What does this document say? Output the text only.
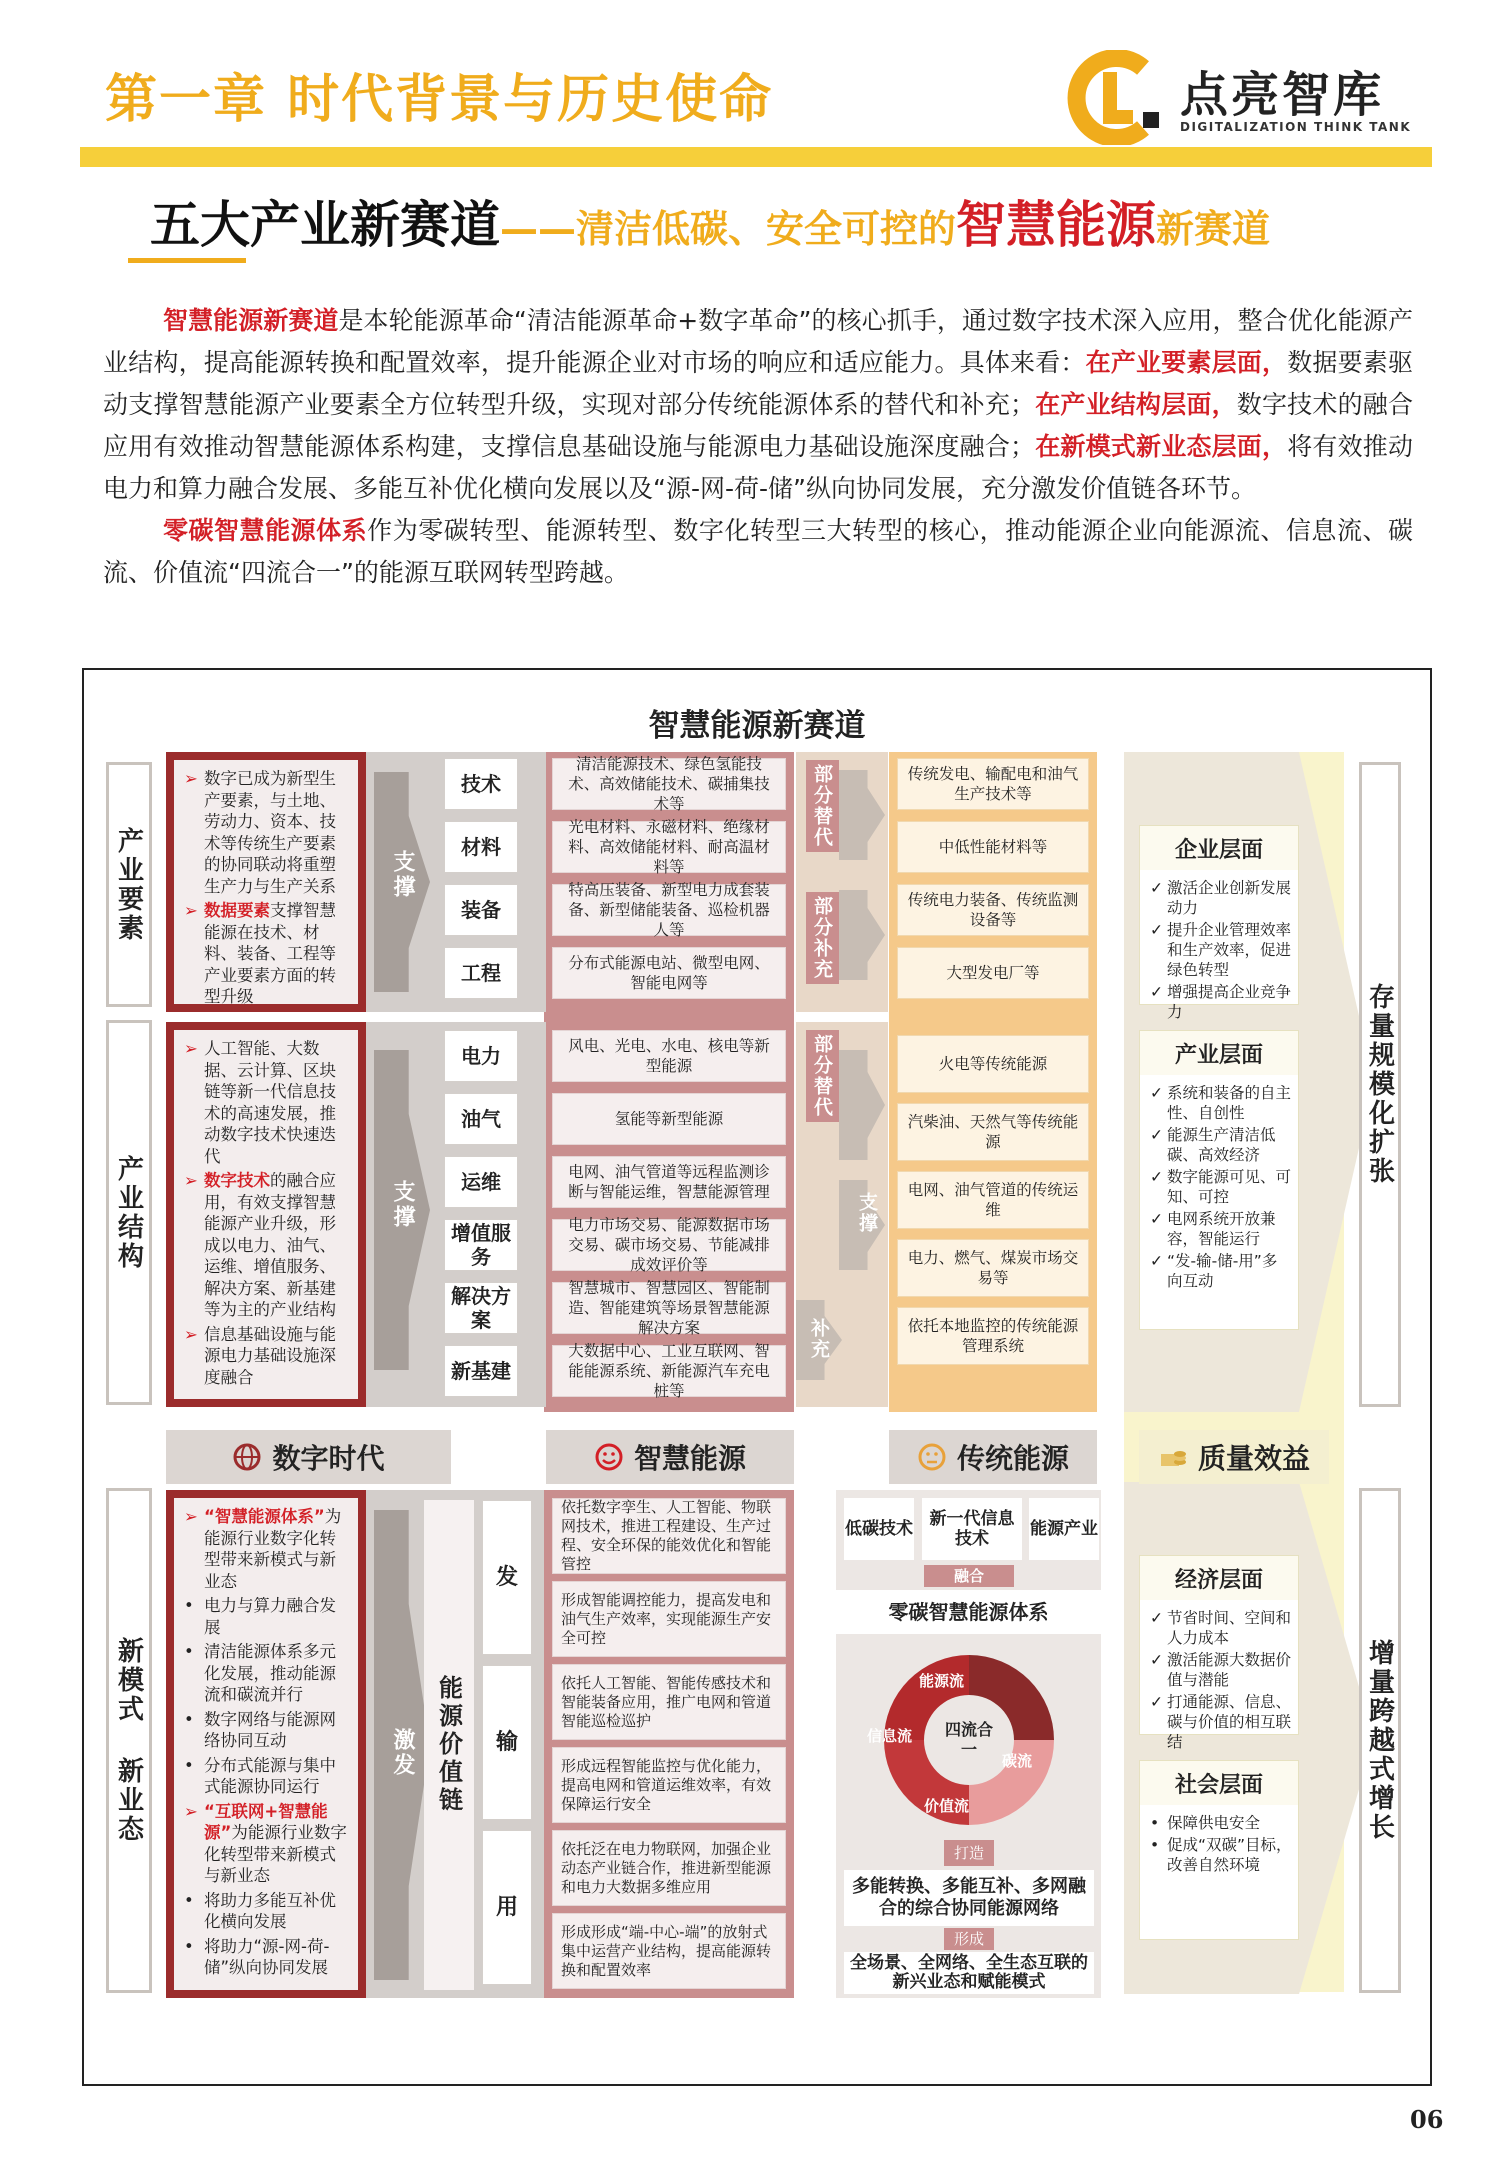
第一章 时代背景与历史使命	点亮智库
DIGITALIZATION THINK TANK
五大产业新赛道——清洁低碳、安全可控的智慧能源新赛道

智慧能源新赛道是本轮能源革命“清洁能源革命+数字革命”的核心抓手，通过数字技术深入应用，整合优化能源产业结构，提高能源转换和配置效率，提升能源企业对市场的响应和适应能力。具体来看：在产业要素层面，数据要素驱动支撑智慧能源产业要素全方位转型升级，实现对部分传统能源体系的替代和补充；在产业结构层面，数字技术的融合应用有效推动智慧能源体系构建，支撑信息基础设施与能源电力基础设施深度融合；在新模式新业态层面，将有效推动电力和算力融合发展、多能互补优化横向发展以及“源-网-荷-储”纵向协同发展，充分激发价值链各环节。

零碳智慧能源体系作为零碳转型、能源转型、数字化转型三大转型的核心，推动能源企业向能源流、信息流、碳流、价值流“四流合一”的能源互联网转型跨越。

智慧能源新赛道
产业要素
产业结构
新模式 新业态
➢ 数字已成为新型生产要素，与土地、劳动力、资本、技术等传统生产要素的协同联动将重塑生产力与生产关系
➢ 数据要素支撑智慧能源在技术、材料、装备、工程等产业要素方面的转型升级
➢ 人工智能、大数据、云计算、区块链等新一代信息技术的高速发展，推动数字技术快速迭代
➢ 数字技术的融合应用，有效支撑智慧能源产业升级，形成以电力、油气、运维、增值服务、解决方案、新基建等为主的产业结构
➢ 信息基础设施与能源电力基础设施深度融合
➢ “智慧能源体系”为能源行业数字化转型带来新模式与新业态
• 电力与算力融合发展
• 清洁能源体系多元化发展，推动能源流和碳流并行
• 数字网络与能源网络协同互动
• 分布式能源与集中式能源协同运行
➢ “互联网+智慧能源”为能源行业数字化转型带来新模式与新业态
• 将助力多能互补优化横向发展
• 将助力“源-网-荷-储”纵向协同发展
支撑
支撑
激发
技术
材料
装备
工程
电力
油气
运维
增值服务
解决方案
新基建
清洁能源技术、绿色氢能技术、高效储能技术、碳捕集技术等
光电材料、永磁材料、绝缘材料、高效储能材料、耐高温材料等
特高压装备、新型电力成套装备、新型储能装备、巡检机器人等
分布式能源电站、微型电网、智能电网等
风电、光电、水电、核电等新型能源
氢能等新型能源
电网、油气管道等远程监测诊断与智能运维，智慧能源管理
电力市场交易、能源数据市场交易、碳市场交易、节能减排成效评价等
智慧城市、智慧园区、智能制造、智能建筑等场景智慧能源解决方案
大数据中心、工业互联网、智能能源系统、新能源汽车充电桩等
传统发电、输配电和油气生产技术等
中低性能材料等
传统电力装备、传统监测设备等
大型发电厂等
火电等传统能源
汽柴油、天然气等传统能源
电网、油气管道的传统运维
电力、燃气、煤炭市场交易等
依托本地监控的传统能源管理系统
部分替代
部分补充
部分替代
支撑
补充
企业层面
✓ 激活企业创新发展动力
✓ 提升企业管理效率和生产效率，促进绿色转型
✓ 增强提高企业竞争力
产业层面
✓ 系统和装备的自主性、自创性
✓ 能源生产清洁低碳、高效经济
✓ 数字能源可见、可知、可控
✓ 电网系统开放兼容，智能运行
✓ “发-输-储-用”多向互动
经济层面
✓ 节省时间、空间和人力成本
✓ 激活能源大数据价值与潜能
✓ 打通能源、信息、碳与价值的相互联结
社会层面
• 保障供电安全
• 促成“双碳”目标，改善自然环境
存量规模化扩张
增量跨越式增长
数字时代	智慧能源	传统能源	质量效益
能源价值链
发
输
用
依托数字孪生、人工智能、物联网技术，推进工程建设、生产过程、安全环保的能效优化和智能管控
形成智能调控能力，提高发电和油气生产效率，实现能源生产安全可控
依托人工智能、智能传感技术和智能装备应用，推广电网和管道智能巡检巡护
形成远程智能监控与优化能力，提高电网和管道运维效率，有效保障运行安全
依托泛在电力物联网，加强企业动态产业链合作，推进新型能源和电力大数据多维应用
形成形成“端-中心-端”的放射式集中运营产业结构，提高能源转换和配置效率
低碳技术 新一代信息技术	能源产业
融合
零碳智慧能源体系
能源流
碳流
价值流
信息流 四流合一
打造
多能转换、多能互补、多网融合的综合协同能源网络
形成
全场景、全网络、全生态互联的新兴业态和赋能模式
06
